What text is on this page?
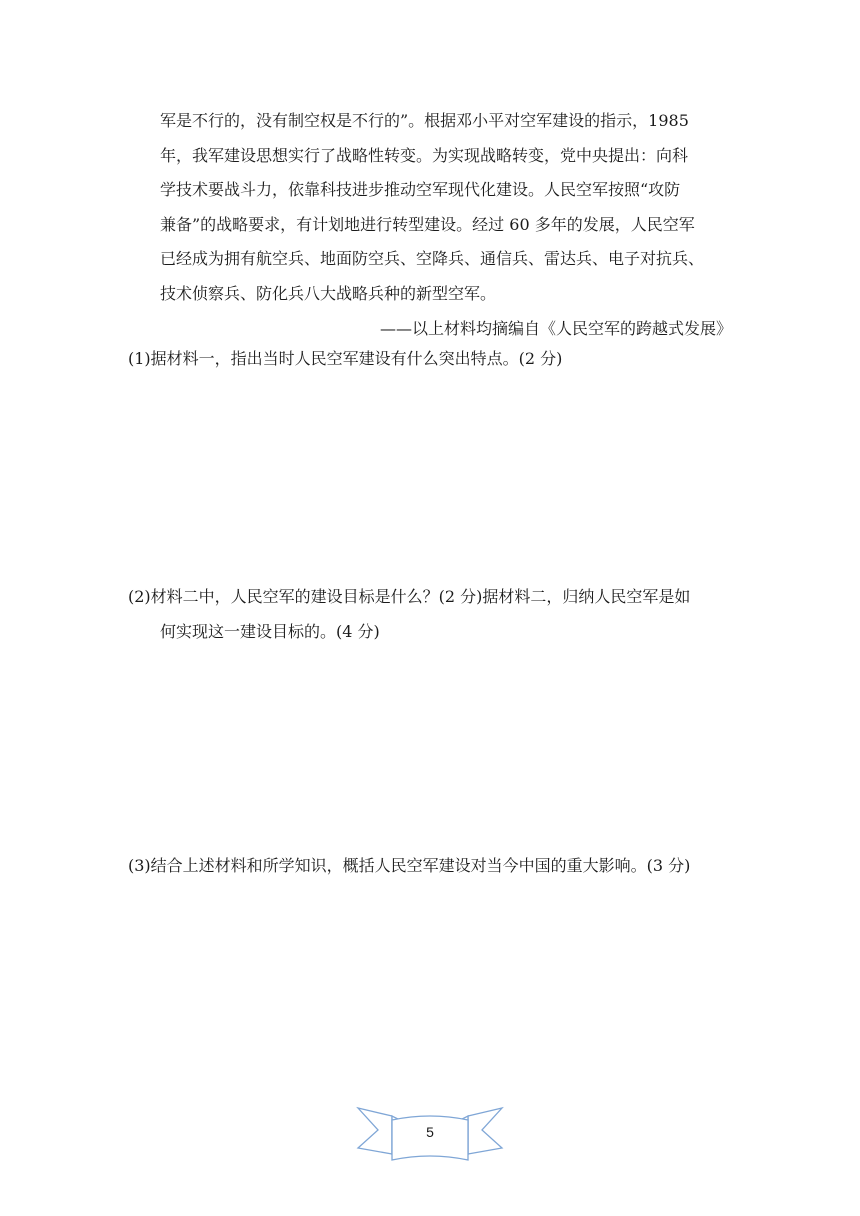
军是不行的，没有制空权是不行的”。根据邓小平对空军建设的指示，1985
年，我军建设思想实行了战略性转变。为实现战略转变，党中央提出：向科
学技术要战斗力，依靠科技进步推动空军现代化建设。人民空军按照“攻防
兼备”的战略要求，有计划地进行转型建设。经过 60 多年的发展，人民空军
已经成为拥有航空兵、地面防空兵、空降兵、通信兵、雷达兵、电子对抗兵、
技术侦察兵、防化兵八大战略兵种的新型空军。
——以上材料均摘编自《人民空军的跨越式发展》
(1)据材料一，指出当时人民空军建设有什么突出特点。(2 分)
(2)材料二中，人民空军的建设目标是什么？(2 分)据材料二，归纳人民空军是如
何实现这一建设目标的。(4 分)
(3)结合上述材料和所学知识，概括人民空军建设对当今中国的重大影响。(3 分)
5
